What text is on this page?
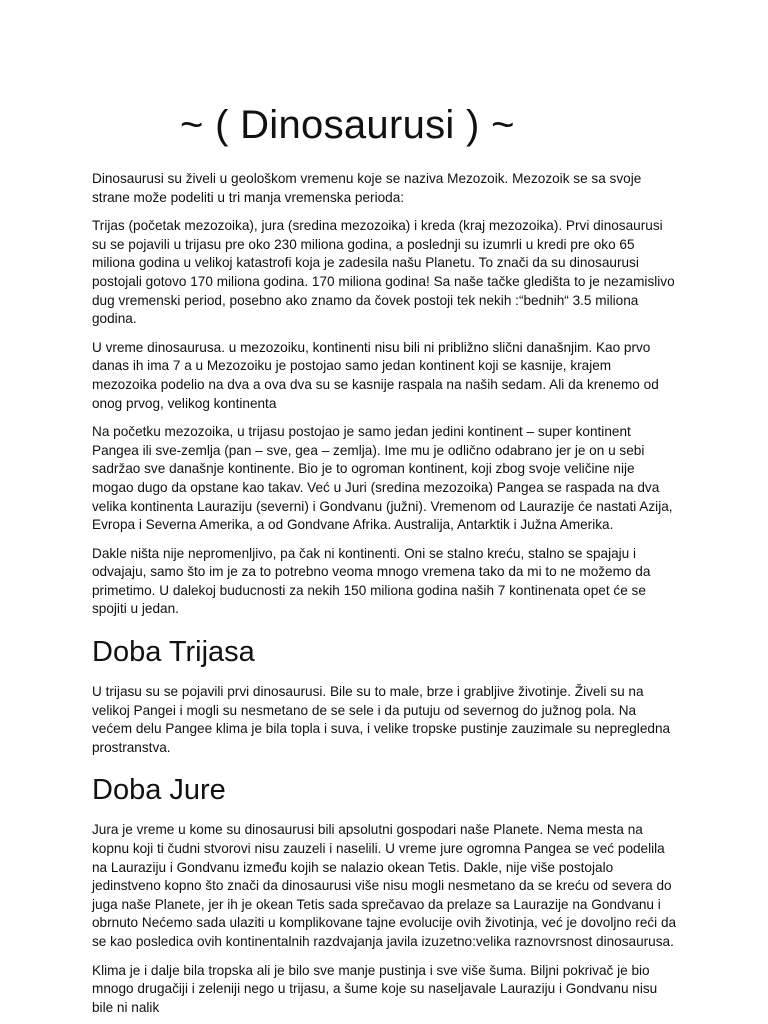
~ ( Dinosaurusi ) ~

Dinosaurusi su živeli u geološkom vremenu koje se naziva Mezozoik. Mezozoik se sa svoje strane može podeliti u tri manja vremenska perioda:

Trijas (početak mezozoika), jura (sredina mezozoika) i kreda (kraj mezozoika). Prvi dinosaurusi su se pojavili u trijasu pre oko 230 miliona godina, a poslednji su izumrli u kredi pre oko 65 miliona godina u velikoj katastrofi koja je zadesila našu Planetu. To znači da su dinosaurusi postojali gotovo 170 miliona godina. 170 miliona godina! Sa naše tačke gledišta to je nezamislivo dug vremenski period, posebno ako znamo da čovek postoji tek nekih :“bednih“ 3.5 miliona godina.

U vreme dinosaurusa. u mezozoiku, kontinenti nisu bili ni približno slični današnjim. Kao prvo danas ih ima 7 a u Mezozoiku je postojao samo jedan kontinent koji se kasnije, krajem mezozoika podelio na dva a ova dva su se kasnije raspala na naših sedam. Ali da krenemo od onog prvog, velikog kontinenta

Na početku mezozoika, u trijasu postojao je samo jedan jedini kontinent – super kontinent Pangea ili sve-zemlja (pan – sve, gea – zemlja). Ime mu je odlično odabrano jer je on u sebi sadržao sve današnje kontinente. Bio je to ogroman kontinent, koji zbog svoje veličine nije mogao dugo da opstane kao takav. Već u Juri (sredina mezozoika) Pangea se raspada na dva velika kontinenta Lauraziju (severni) i Gondvanu (južni). Vremenom od Laurazije će nastati Azija, Evropa i Severna Amerika, a od Gondvane Afrika. Australija, Antarktik i Južna Amerika.

Dakle ništa nije nepromenljivo, pa čak ni kontinenti. Oni se stalno kreću, stalno se spajaju i odvajaju, samo što im je za to potrebno veoma mnogo vremena tako da mi to ne možemo da primetimo. U dalekoj buducnosti za nekih 150 miliona godina naših 7 kontinenata opet će se spojiti u jedan.

Doba Trijasa

U trijasu su se pojavili prvi dinosaurusi. Bile su to male, brze i grabljive životinje. Živeli su na velikoj Pangei i mogli su nesmetano de se sele i da putuju od severnog do južnog pola. Na većem delu Pangee klima je bila topla i suva, i velike tropske pustinje zauzimale su nepregledna prostranstva.

Doba Jure

Jura je vreme u kome su dinosaurusi bili apsolutni gospodari naše Planete. Nema mesta na kopnu koji ti čudni stvorovi nisu zauzeli i naselili. U vreme jure ogromna Pangea se već podelila na Lauraziju i Gondvanu između kojih se nalazio okean Tetis. Dakle, nije više postojalo jedinstveno kopno što znači da dinosaurusi više nisu mogli nesmetano da se kreću od severa do juga naše Planete, jer ih je okean Tetis sada sprečavao da prelaze sa Laurazije na Gondvanu i obrnuto Nećemo sada ulaziti u komplikovane tajne evolucije ovih životinja, već je dovoljno reći da se kao posledica ovih kontinentalnih razdvajanja javila izuzetno:velika raznovrsnost dinosaurusa.

Klima je i dalje bila tropska ali je bilo sve manje pustinja i sve više šuma. Biljni pokrivač je bio mnogo drugačiji i zeleniji nego u trijasu, a šume koje su naseljavale Lauraziju i Gondvanu nisu bile ni nalik
